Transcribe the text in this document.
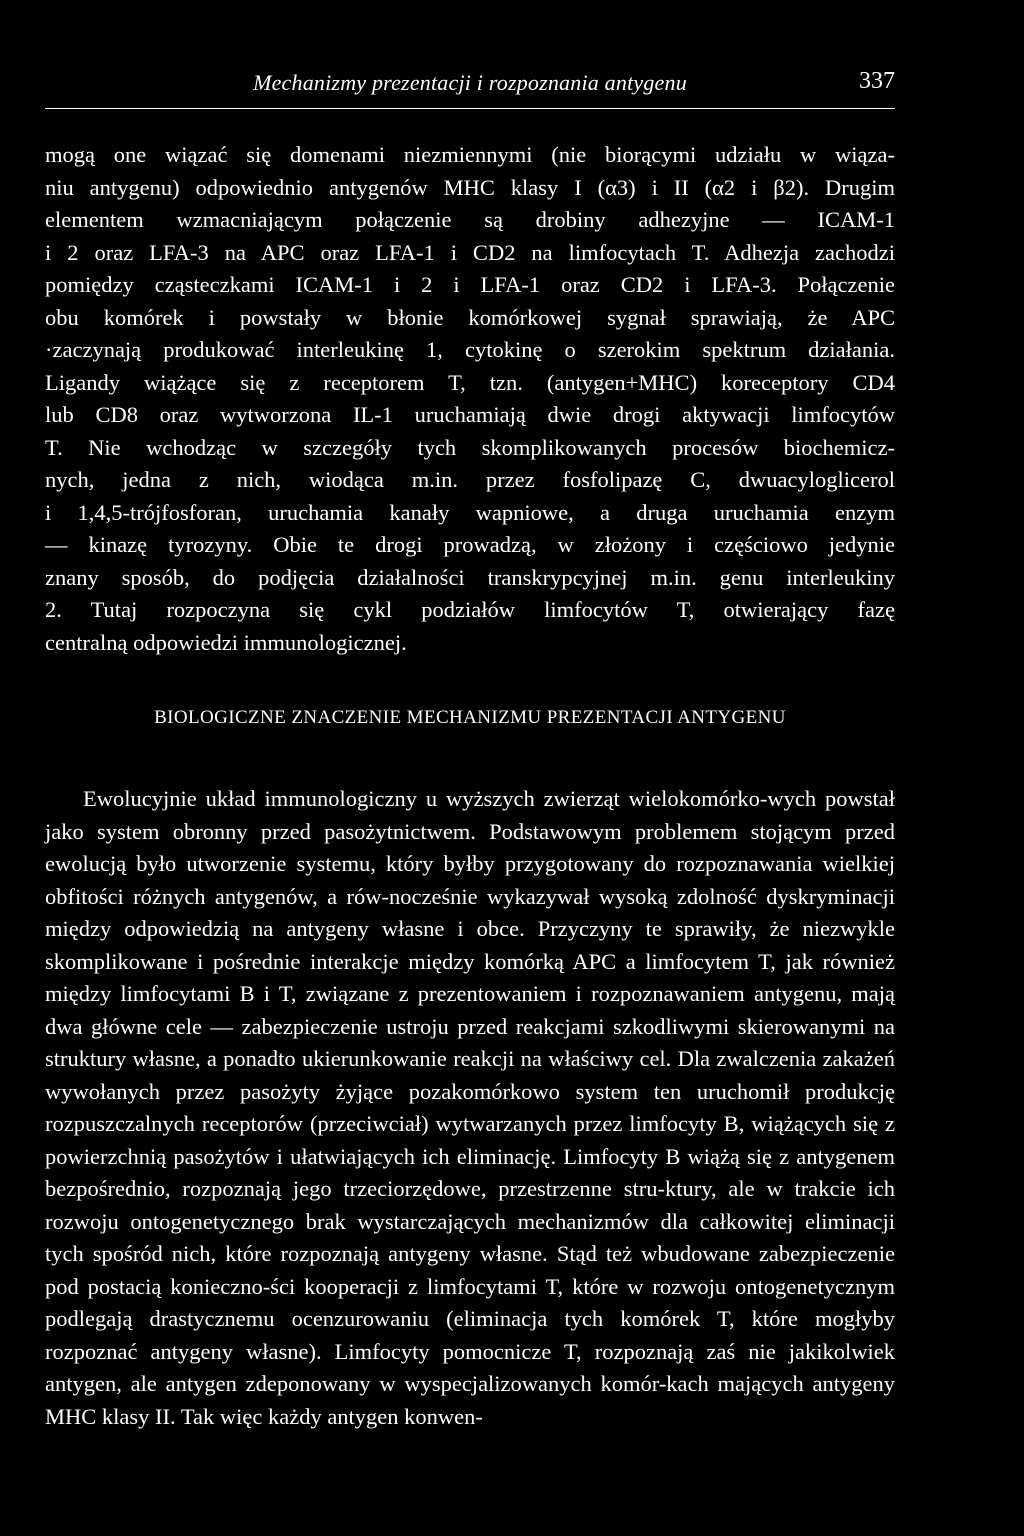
Mechanizmy prezentacji i rozpoznania antygenu	337

mogą one wiązać się domenami niezmiennymi (nie biorącymi udziału w wiąza-
niu antygenu) odpowiednio antygenów MHC klasy I (α3) i II (α2 i β2). Drugim
elementem wzmacniającym połączenie są drobiny adhezyjne — ICAM-1
i 2 oraz LFA-3 na APC oraz LFA-1 i CD2 na limfocytach T. Adhezja zachodzi
pomiędzy cząsteczkami ICAM-1 i 2 i LFA-1 oraz CD2 i LFA-3. Połączenie
obu komórek i powstały w błonie komórkowej sygnał sprawiają, że APC
·zaczynają produkować interleukinę 1, cytokinę o szerokim spektrum działania.
Ligandy wiążące się z receptorem T, tzn. (antygen+MHC) koreceptory CD4
lub CD8 oraz wytworzona IL-1 uruchamiają dwie drogi aktywacji limfocytów
T. Nie wchodząc w szczegóły tych skomplikowanych procesów biochemicz-
nych, jedna z nich, wiodąca m.in. przez fosfolipazę C, dwuacyloglicerol
i 1,4,5-trójfosforan, uruchamia kanały wapniowe, a druga uruchamia enzym
— kinazę tyrozyny. Obie te drogi prowadzą, w złożony i częściowo jedynie
znany sposób, do podjęcia działalności transkrypcyjnej m.in. genu interleukiny
2. Tutaj rozpoczyna się cykl podziałów limfocytów T, otwierający fazę
centralną odpowiedzi immunologicznej.

BIOLOGICZNE ZNACZENIE MECHANIZMU PREZENTACJI ANTYGENU

Ewolucyjnie układ immunologiczny u wyższych zwierząt wielokomórko-wych powstał jako system obronny przed pasożytnictwem. Podstawowym problemem stojącym przed ewolucją było utworzenie systemu, który byłby przygotowany do rozpoznawania wielkiej obfitości różnych antygenów, a rów-nocześnie wykazywał wysoką zdolność dyskryminacji między odpowiedzią na antygeny własne i obce. Przyczyny te sprawiły, że niezwykle skomplikowane i pośrednie interakcje między komórką APC a limfocytem T, jak również między limfocytami B i T, związane z prezentowaniem i rozpoznawaniem antygenu, mają dwa główne cele — zabezpieczenie ustroju przed reakcjami szkodliwymi skierowanymi na struktury własne, a ponadto ukierunkowanie reakcji na właściwy cel. Dla zwalczenia zakażeń wywołanych przez pasożyty żyjące pozakomórkowo system ten uruchomił produkcję rozpuszczalnych receptorów (przeciwciał) wytwarzanych przez limfocyty B, wiążących się z powierzchnią pasożytów i ułatwiających ich eliminację. Limfocyty B wiążą się z antygenem bezpośrednio, rozpoznają jego trzeciorzędowe, przestrzenne stru-ktury, ale w trakcie ich rozwoju ontogenetycznego brak wystarczających mechanizmów dla całkowitej eliminacji tych spośród nich, które rozpoznają antygeny własne. Stąd też wbudowane zabezpieczenie pod postacią konieczno-ści kooperacji z limfocytami T, które w rozwoju ontogenetycznym podlegają drastycznemu ocenzurowaniu (eliminacja tych komórek T, które mogłyby rozpoznać antygeny własne). Limfocyty pomocnicze T, rozpoznają zaś nie jakikolwiek antygen, ale antygen zdeponowany w wyspecjalizowanych komór-kach mających antygeny MHC klasy II. Tak więc każdy antygen konwen-
